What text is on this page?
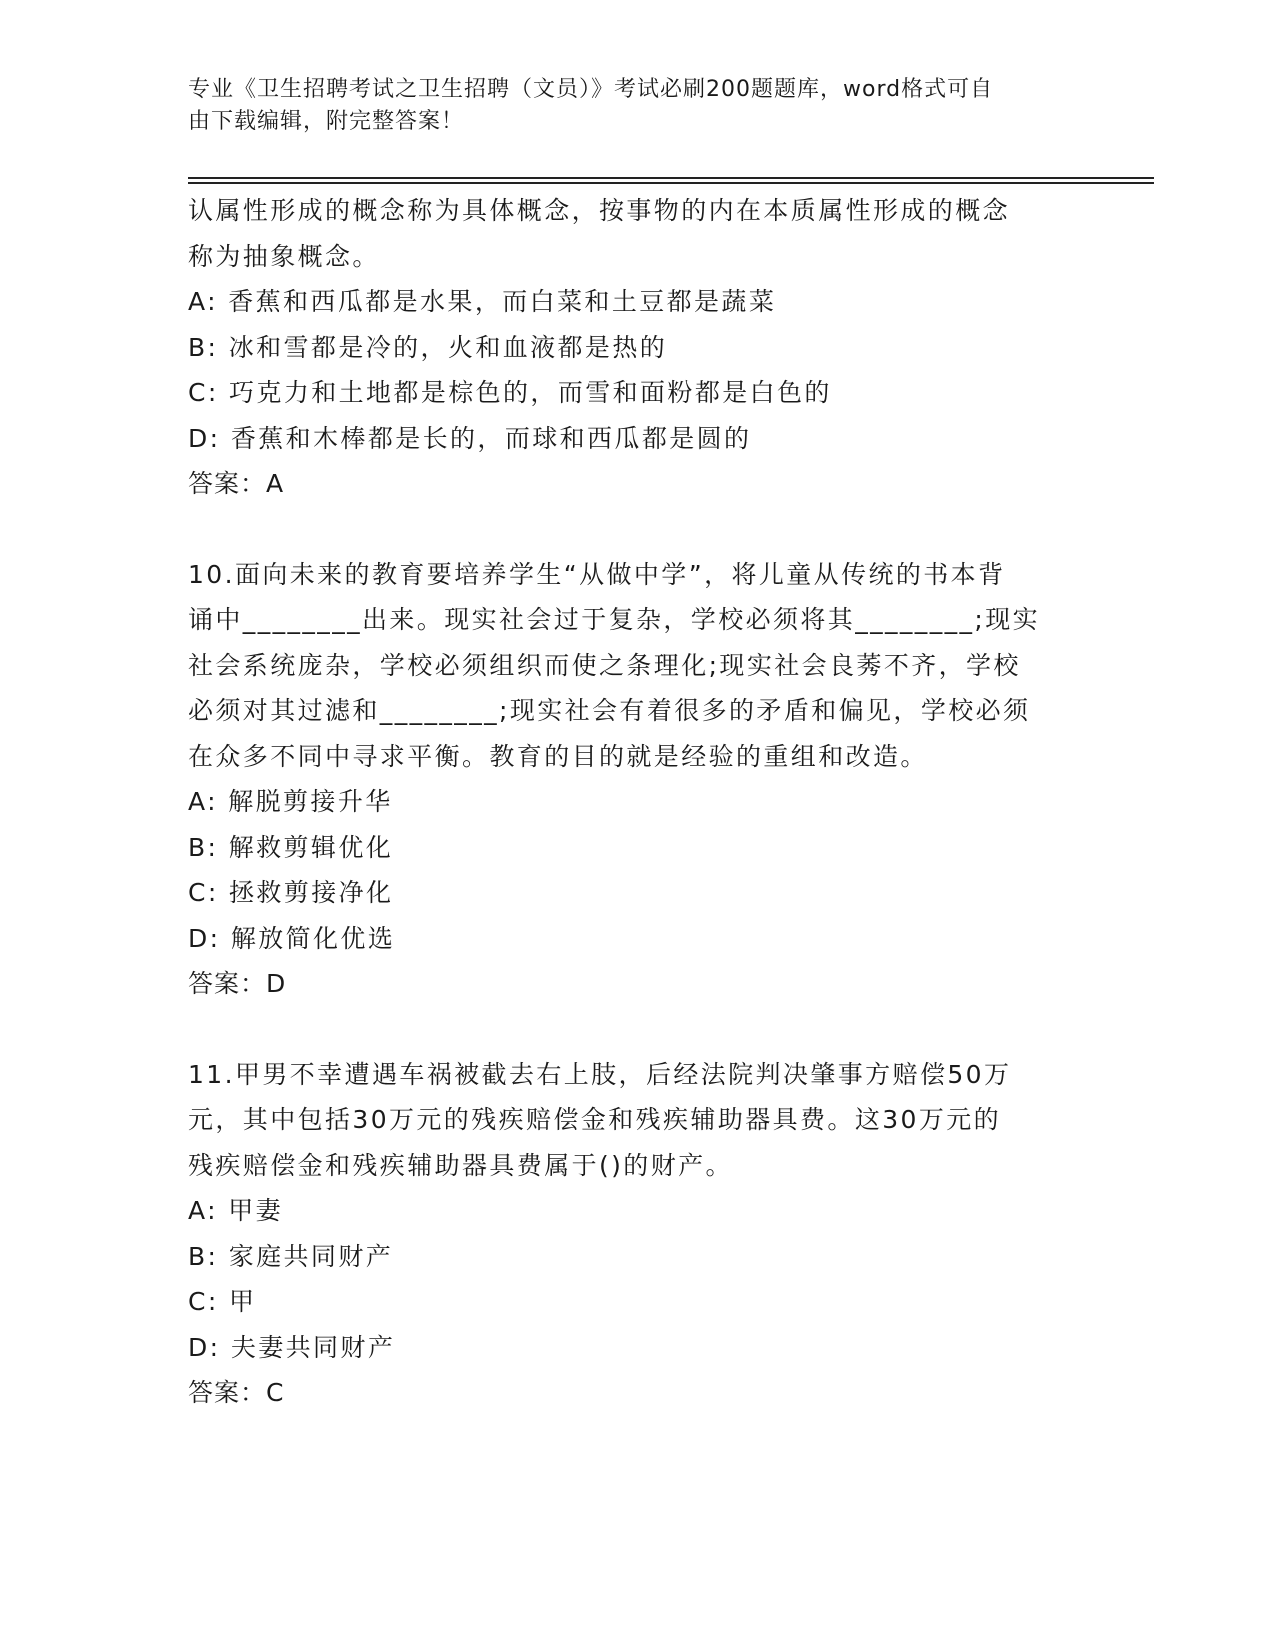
专业《卫生招聘考试之卫生招聘（文员）》考试必刷200题题库，word格式可自
由下载编辑，附完整答案！
认属性形成的概念称为具体概念，按事物的内在本质属性形成的概念
称为抽象概念。
A: 香蕉和西瓜都是水果，而白菜和土豆都是蔬菜
B: 冰和雪都是冷的，火和血液都是热的
C: 巧克力和土地都是棕色的，而雪和面粉都是白色的
D: 香蕉和木棒都是长的，而球和西瓜都是圆的
答案：A
10.面向未来的教育要培养学生“从做中学”，将儿童从传统的书本背
诵中________出来。现实社会过于复杂，学校必须将其________;现实
社会系统庞杂，学校必须组织而使之条理化;现实社会良莠不齐，学校
必须对其过滤和________;现实社会有着很多的矛盾和偏见，学校必须
在众多不同中寻求平衡。教育的目的就是经验的重组和改造。
A: 解脱剪接升华
B: 解救剪辑优化
C: 拯救剪接净化
D: 解放简化优选
答案：D
11.甲男不幸遭遇车祸被截去右上肢，后经法院判决肇事方赔偿50万
元，其中包括30万元的残疾赔偿金和残疾辅助器具费。这30万元的
残疾赔偿金和残疾辅助器具费属于()的财产。
A: 甲妻
B: 家庭共同财产
C: 甲
D: 夫妻共同财产
答案：C
